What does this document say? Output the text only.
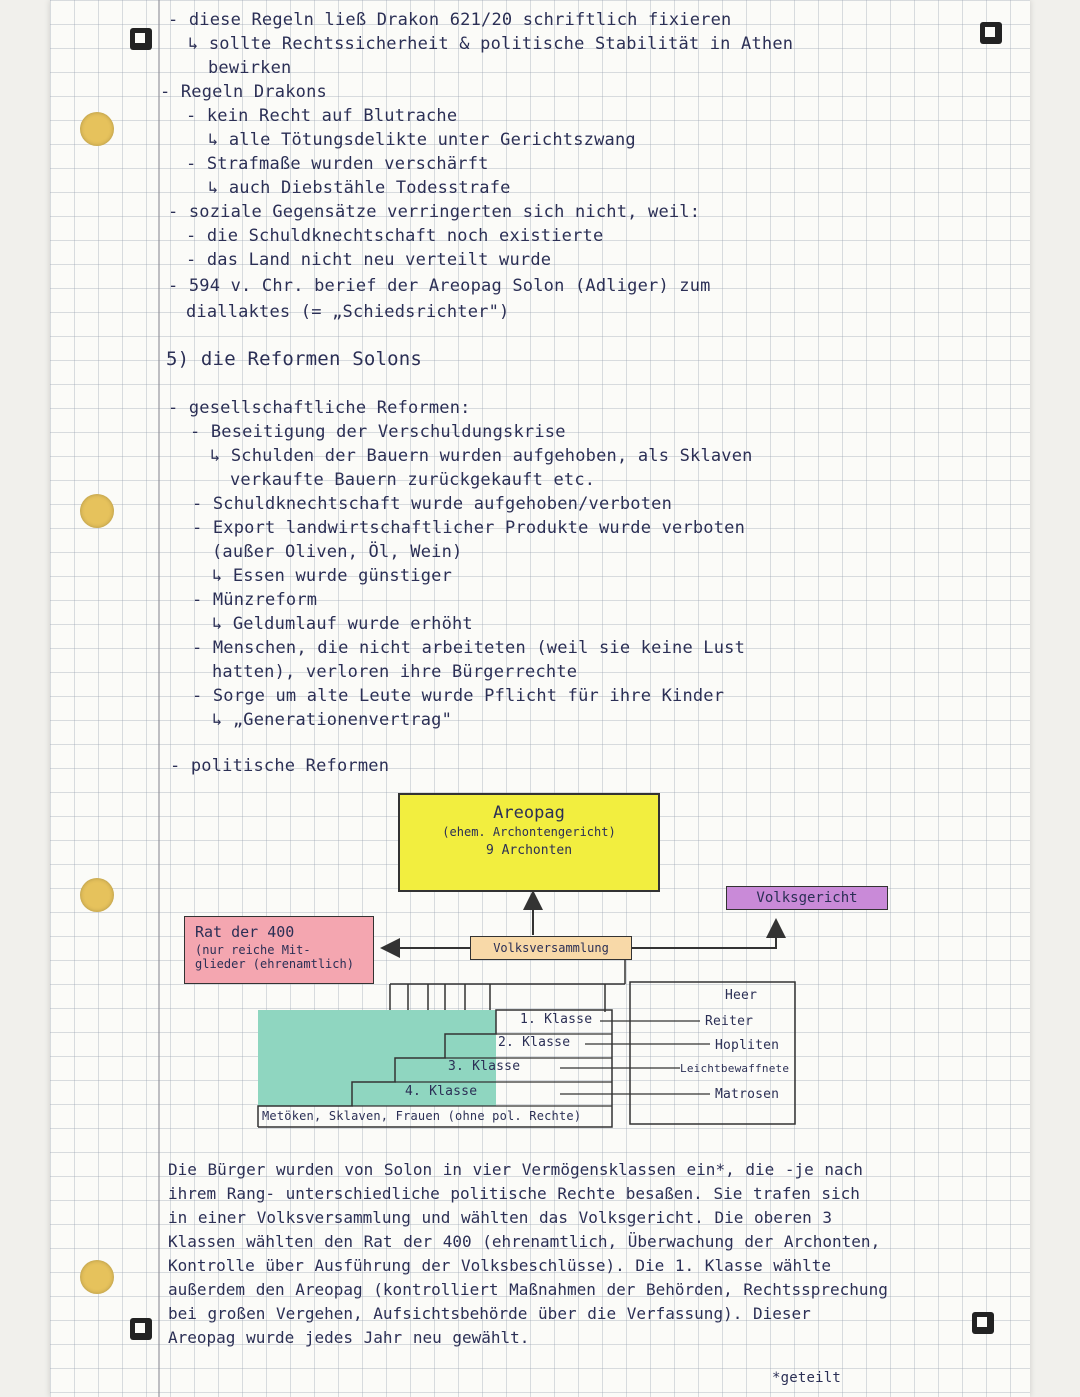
- diese Regeln ließ Drakon 621/20 schriftlich fixieren
↳ sollte Rechtssicherheit & politische Stabilität in Athen
bewirken
- Regeln Drakons
- kein Recht auf Blutrache
↳ alle Tötungsdelikte unter Gerichtszwang
- Strafmaße wurden verschärft
↳ auch Diebstähle Todesstrafe
- soziale Gegensätze verringerten sich nicht, weil:
- die Schuldknechtschaft noch existierte
- das Land nicht neu verteilt wurde
- 594 v. Chr. berief der Areopag Solon (Adliger) zum
diallaktes (= „Schiedsrichter")
5) die Reformen Solons
- gesellschaftliche Reformen:
- Beseitigung der Verschuldungskrise
↳ Schulden der Bauern wurden aufgehoben, als Sklaven
verkaufte Bauern zurückgekauft etc.
- Schuldknechtschaft wurde aufgehoben/verboten
- Export landwirtschaftlicher Produkte wurde verboten
(außer Oliven, Öl, Wein)
↳ Essen wurde günstiger
- Münzreform
↳ Geldumlauf wurde erhöht
- Menschen, die nicht arbeiteten (weil sie keine Lust
hatten), verloren ihre Bürgerrechte
- Sorge um alte Leute wurde Pflicht für ihre Kinder
↳ „Generationenvertrag"
- politische Reformen
Areopag
(ehem. Archontengericht)
9 Archonten
Volksgericht
Rat der 400
(nur reiche Mit-
glieder (ehrenamtlich)
Volksversammlung
1. Klasse
2. Klasse
3. Klasse
4. Klasse
Metöken, Sklaven, Frauen (ohne pol. Rechte)
Heer
Reiter
Hopliten
Leichtbewaffnete
Matrosen
Die Bürger wurden von Solon in vier Vermögensklassen ein*, die -je nach ihrem Rang- unterschiedliche politische Rechte besaßen. Sie trafen sich in einer Volksversammlung und wählten das Volksgericht. Die oberen 3 Klassen wählten den Rat der 400 (ehrenamtlich, Überwachung der Archonten, Kontrolle über Ausführung der Volksbeschlüsse). Die 1. Klasse wählte außerdem den Areopag (kontrolliert Maßnahmen der Behörden, Rechtssprechung bei großen Vergehen, Aufsichtsbehörde über die Verfassung). Dieser Areopag wurde jedes Jahr neu gewählt.
*geteilt
